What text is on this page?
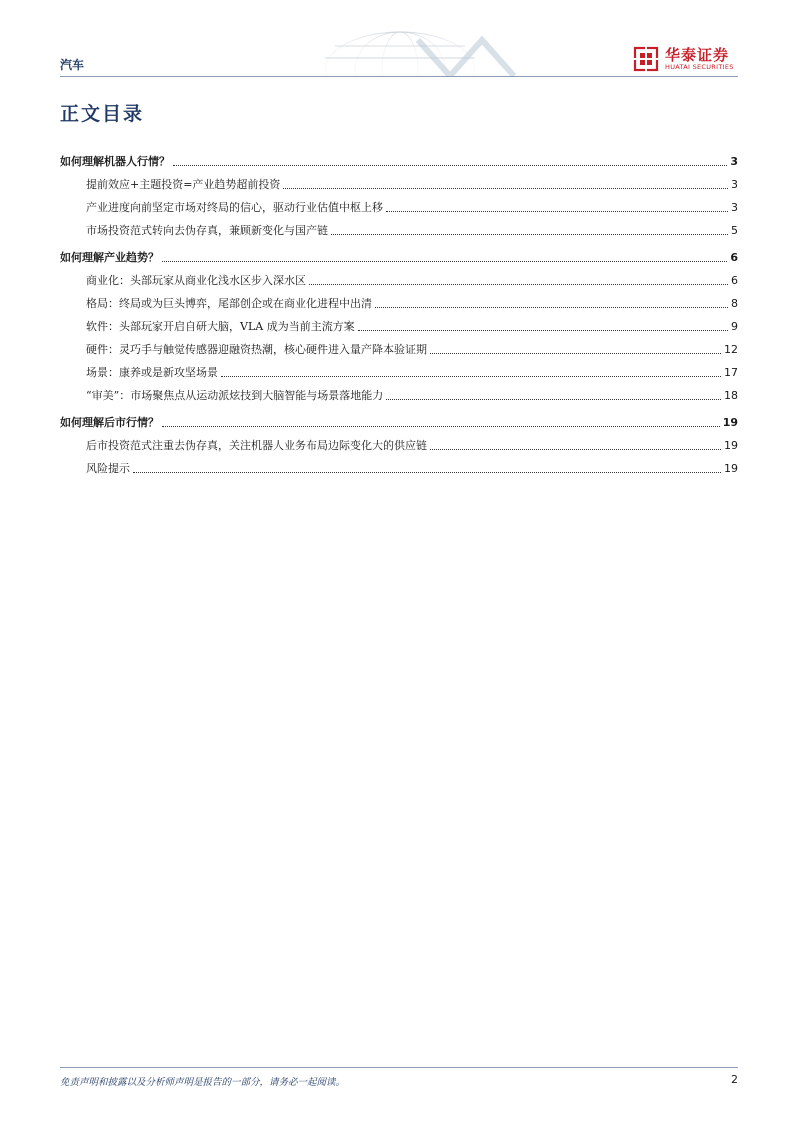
汽车
华泰证券
HUATAI SECURITIES
正文目录
如何理解机器人行情？	3
提前效应+主题投资=产业趋势超前投资	3
产业进度向前坚定市场对终局的信心，驱动行业估值中枢上移	3
市场投资范式转向去伪存真，兼顾新变化与国产链	5
如何理解产业趋势？	6
商业化：头部玩家从商业化浅水区步入深水区	6
格局：终局或为巨头博弈，尾部创企或在商业化进程中出清	8
软件：头部玩家开启自研大脑，VLA 成为当前主流方案	9
硬件：灵巧手与触觉传感器迎融资热潮，核心硬件进入量产降本验证期	12
场景：康养或是新攻坚场景	17
“审美”：市场聚焦点从运动派炫技到大脑智能与场景落地能力	18
如何理解后市行情？	19
后市投资范式注重去伪存真，关注机器人业务布局边际变化大的供应链	19
风险提示	19
免责声明和披露以及分析师声明是报告的一部分，请务必一起阅读。	2
